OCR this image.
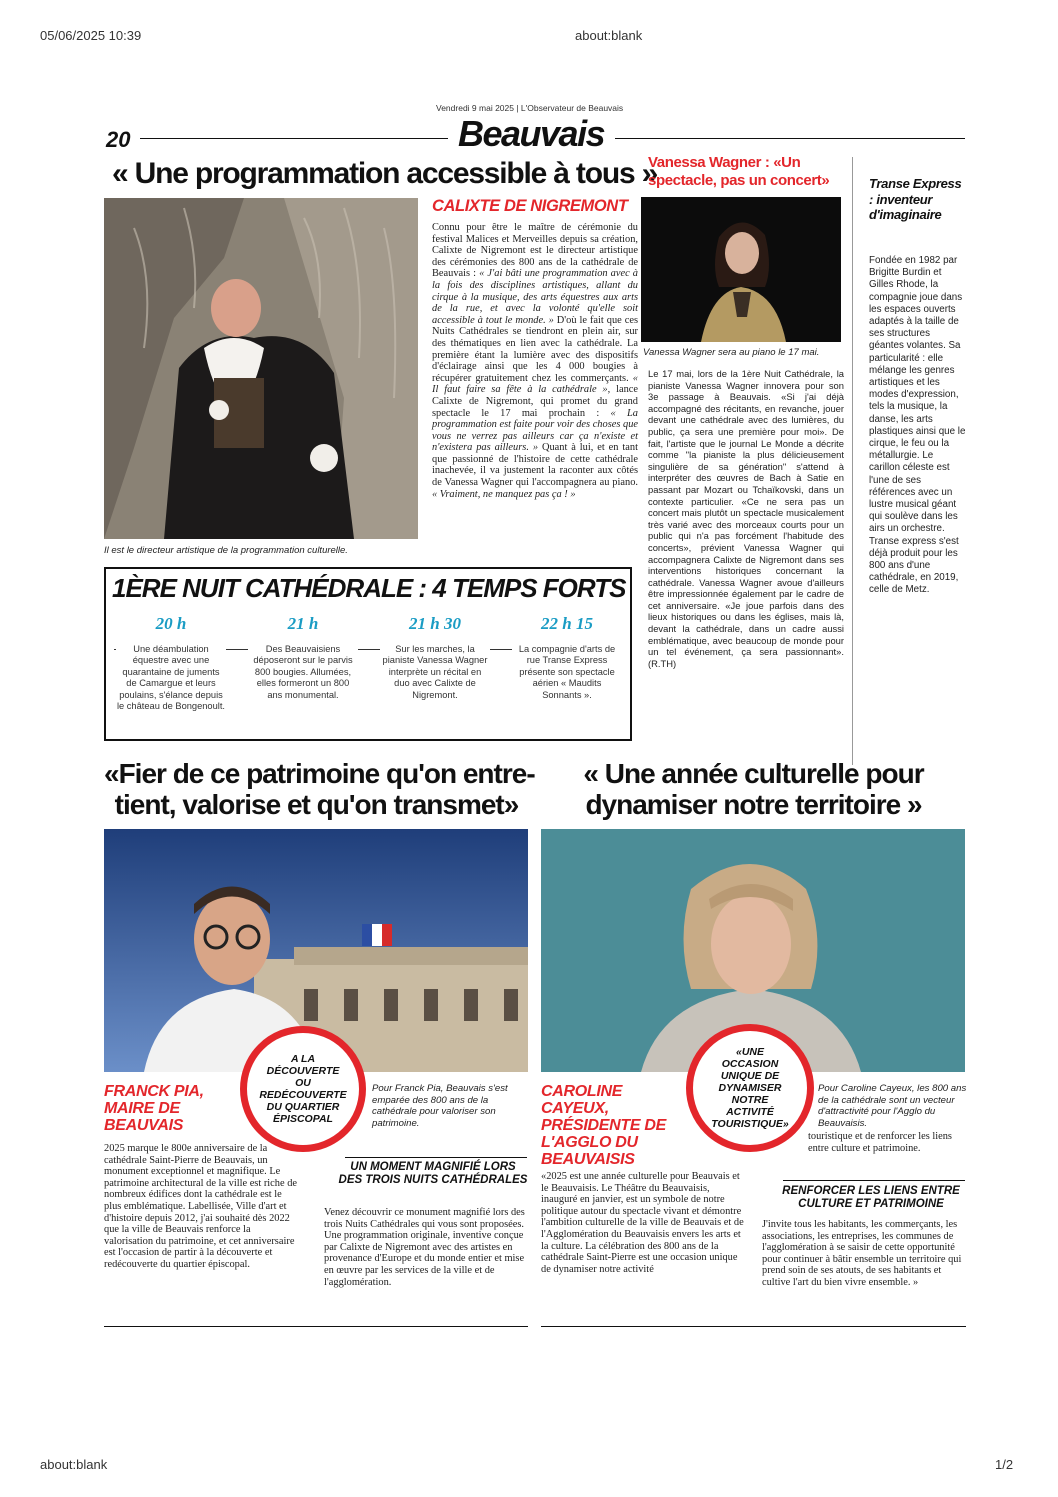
05/06/2025 10:39	about:blank
Vendredi 9 mai 2025 | L'Observateur de Beauvais
20	Beauvais
« Une programmation accessible à tous »
Il est le directeur artistique de la programmation culturelle.
CALIXTE DE NIGREMONT
Connu pour être le maître de cérémonie du festival Malices et Merveilles depuis sa création, Calixte de Nigremont est le directeur artistique des cérémonies des 800 ans de la cathédrale de Beauvais : « J'ai bâti une programmation avec à la fois des disciplines artistiques, allant du cirque à la musique, des arts équestres aux arts de la rue, et avec la volonté qu'elle soit accessible à tout le monde. » D'où le fait que ces Nuits Cathédrales se tiendront en plein air, sur des thématiques en lien avec la cathédrale. La première étant la lumière avec des dispositifs d'éclairage ainsi que les 4 000 bougies à récupérer gratuitement chez les commerçants. « Il faut faire sa fête à la cathédrale », lance Calixte de Nigremont, qui promet du grand spectacle le 17 mai prochain : « La programmation est faite pour voir des choses que vous ne verrez pas ailleurs car ça n'existe et n'existera pas ailleurs. » Quant à lui, et en tant que passionné de l'histoire de cette cathédrale inachevée, il va justement la raconter aux côtés de Vanessa Wagner qui l'accompagnera au piano. « Vraiment, ne manquez pas ça ! »
1ÈRE NUIT CATHÉDRALE : 4 TEMPS FORTS
20 h
Une déambulation équestre avec une quarantaine de juments de Camargue et leurs poulains, s'élance depuis le château de Bongenoult.
21 h
Des Beauvaisiens déposeront sur le parvis 800 bougies. Allumées, elles formeront un 800 ans monumental.
21 h 30
Sur les marches, la pianiste Vanessa Wagner interprète un récital en duo avec Calixte de Nigremont.
22 h 15
La compagnie d'arts de rue Transe Express présente son spectacle aérien « Maudits Sonnants ».
Vanessa Wagner : «Un spectacle, pas un concert»
Vanessa Wagner sera au piano le 17 mai.
Le 17 mai, lors de la 1ère Nuit Cathédrale, la pianiste Vanessa Wagner innovera pour son 3e passage à Beauvais. «Si j'ai déjà accompagné des récitants, en revanche, jouer devant une cathédrale avec des lumières, du public, ça sera une première pour moi». De fait, l'artiste que le journal Le Monde a décrite comme "la pianiste la plus délicieusement singulière de sa génération" s'attend à interpréter des œuvres de Bach à Satie en passant par Mozart ou Tchaïkovski, dans un contexte particulier. «Ce ne sera pas un concert mais plutôt un spectacle musicalement très varié avec des morceaux courts pour un public qui n'a pas forcément l'habitude des concerts», prévient Vanessa Wagner qui accompagnera Calixte de Nigremont dans ses interventions historiques concernant la cathédrale. Vanessa Wagner avoue d'ailleurs être impressionnée également par le cadre de cet anniversaire. «Je joue parfois dans des lieux historiques ou dans les églises, mais là, devant la cathédrale, dans un cadre aussi emblématique, avec beaucoup de monde pour un tel événement, ça sera passionnant». (R.TH)
Transe Express : inventeur d'imaginaire
Fondée en 1982 par Brigitte Burdin et Gilles Rhode, la compagnie joue dans les espaces ouverts adaptés à la taille de ses structures géantes volantes. Sa particularité : elle mélange les genres artistiques et les modes d'expression, tels la musique, la danse, les arts plastiques ainsi que le cirque, le feu ou la métallurgie. Le carillon céleste est l'une de ses références avec un lustre musical géant qui soulève dans les airs un orchestre. Transe express s'est déjà produit pour les 800 ans d'une cathédrale, en 2019, celle de Metz.
«Fier de ce patrimoine qu'on entre-
tient, valorise et qu'on transmet»
A LA DÉCOUVERTE OU REDÉCOUVERTE DU QUARTIER ÉPISCOPAL
FRANCK PIA, MAIRE DE BEAUVAIS
Pour Franck Pia, Beauvais s'est emparée des 800 ans de la cathédrale pour valoriser son patrimoine.
UN MOMENT MAGNIFIÉ LORS DES TROIS NUITS CATHÉDRALES
2025 marque le 800e anniversaire de la cathédrale Saint-Pierre de Beauvais, un monument exceptionnel et magnifique. Le patrimoine architectural de la ville est riche de nombreux édifices dont la cathédrale est le plus emblématique. Labellisée, Ville d'art et d'histoire depuis 2012, j'ai souhaité dès 2022 que la ville de Beauvais renforce la valorisation du patrimoine, et cet anniversaire est l'occasion de partir à la découverte et redécouverte du quartier épiscopal.
Venez découvrir ce monument magnifié lors des trois Nuits Cathédrales qui vous sont proposées. Une programmation originale, inventive conçue par Calixte de Nigremont avec des artistes en provenance d'Europe et du monde entier et mise en œuvre par les services de la ville et de l'agglomération.
« Une année culturelle pour
dynamiser notre territoire »
«UNE OCCASION UNIQUE DE DYNAMISER NOTRE ACTIVITÉ TOURISTIQUE»
CAROLINE CAYEUX, PRÉSIDENTE DE L'AGGLO DU BEAUVAISIS
Pour Caroline Cayeux, les 800 ans de la cathédrale sont un vecteur d'attractivité pour l'Agglo du Beauvaisis.
touristique et de renforcer les liens entre culture et patrimoine.
RENFORCER LES LIENS ENTRE CULTURE ET PATRIMOINE
«2025 est une année culturelle pour Beauvais et le Beauvaisis. Le Théâtre du Beauvaisis, inauguré en janvier, est un symbole de notre politique autour du spectacle vivant et démontre l'ambition culturelle de la ville de Beauvais et de l'Agglomération du Beauvaisis envers les arts et la culture. La célébration des 800 ans de la cathédrale Saint-Pierre est une occasion unique de dynamiser notre activité
J'invite tous les habitants, les commerçants, les associations, les entreprises, les communes de l'agglomération à se saisir de cette opportunité pour continuer à bâtir ensemble un territoire qui prend soin de ses atouts, de ses habitants et cultive l'art du bien vivre ensemble. »
about:blank	1/2
